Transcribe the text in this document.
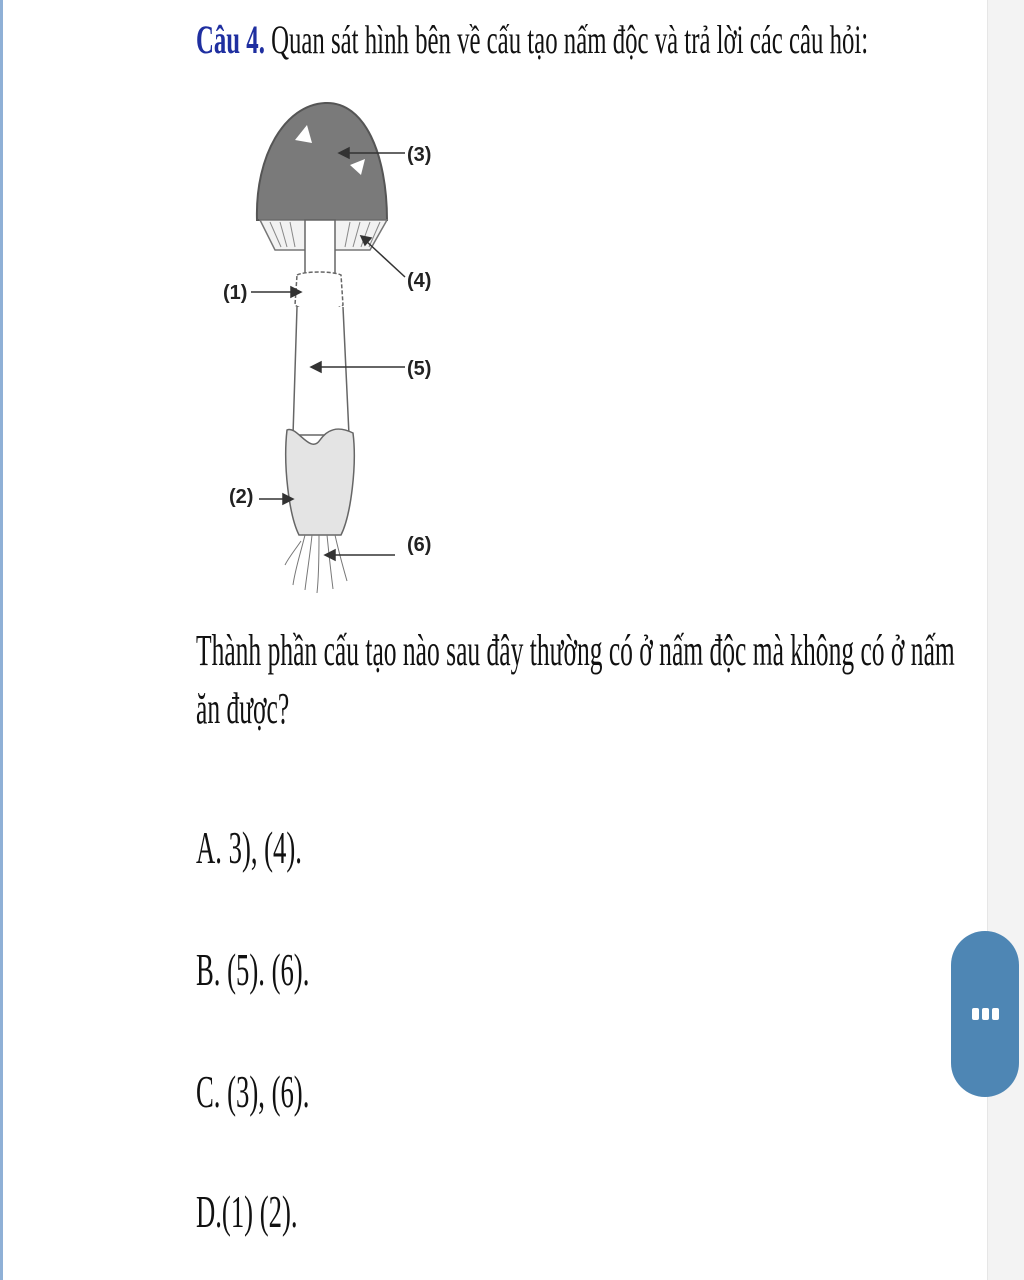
Câu 4. Quan sát hình bên về cấu tạo nấm độc và trả lời các câu hỏi:
(3)
(4)
(1)
(5)
(2)
(6)
Thành phần cấu tạo nào sau đây thường có ở nấm độc mà không có ở nấm ăn được?
A. 3), (4).
B. (5). (6).
C. (3), (6).
D.(1) (2).
